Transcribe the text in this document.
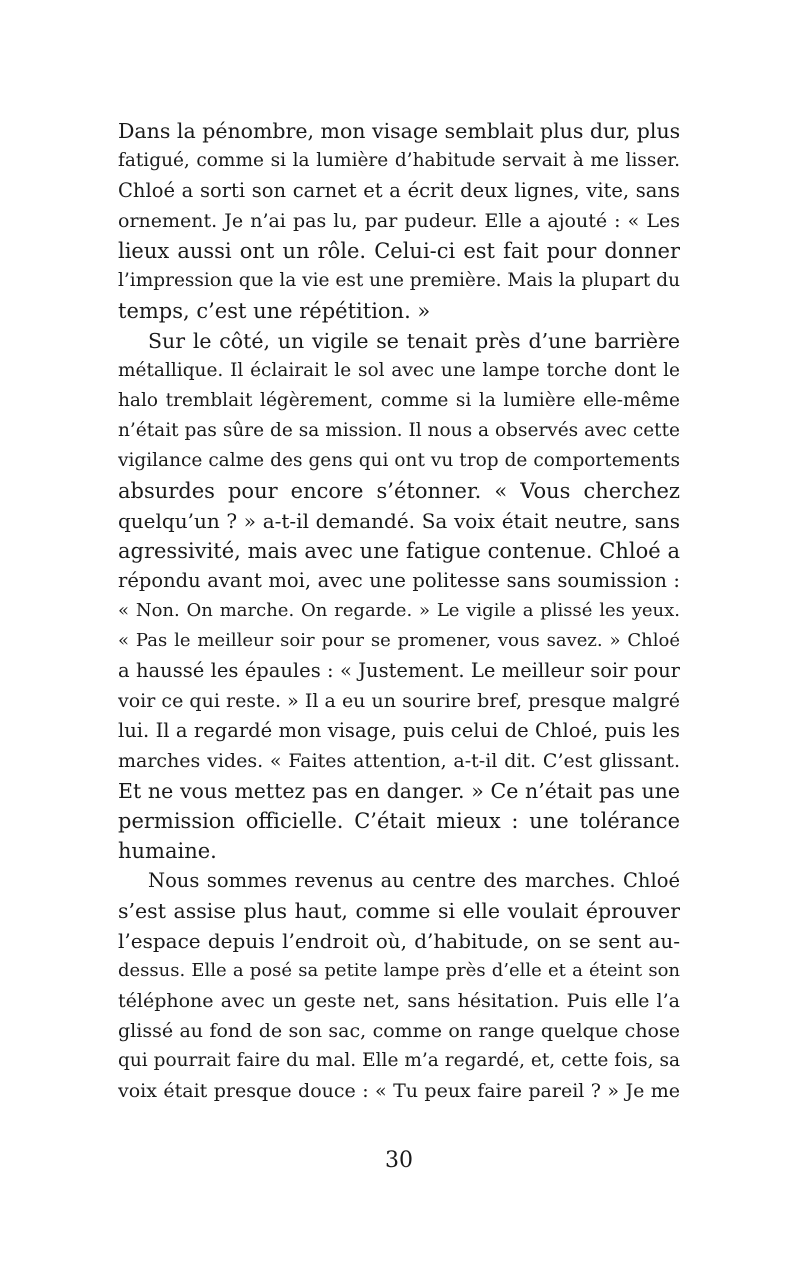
Dans la pénombre, mon visage semblait plus dur, plus
fatigué, comme si la lumière d’habitude servait à me lisser.
Chloé a sorti son carnet et a écrit deux lignes, vite, sans
ornement. Je n’ai pas lu, par pudeur. Elle a ajouté : « Les
lieux aussi ont un rôle. Celui-ci est fait pour donner
l’impression que la vie est une première. Mais la plupart du
temps, c’est une répétition. »

Sur le côté, un vigile se tenait près d’une barrière
métallique. Il éclairait le sol avec une lampe torche dont le
halo tremblait légèrement, comme si la lumière elle-même
n’était pas sûre de sa mission. Il nous a observés avec cette
vigilance calme des gens qui ont vu trop de comportements
absurdes pour encore s’étonner. « Vous cherchez
quelqu’un ? » a-t-il demandé. Sa voix était neutre, sans
agressivité, mais avec une fatigue contenue. Chloé a
répondu avant moi, avec une politesse sans soumission :
« Non. On marche. On regarde. » Le vigile a plissé les yeux.
« Pas le meilleur soir pour se promener, vous savez. » Chloé
a haussé les épaules : « Justement. Le meilleur soir pour
voir ce qui reste. » Il a eu un sourire bref, presque malgré
lui. Il a regardé mon visage, puis celui de Chloé, puis les
marches vides. « Faites attention, a-t-il dit. C’est glissant.
Et ne vous mettez pas en danger. » Ce n’était pas une
permission officielle. C’était mieux : une tolérance
humaine.

Nous sommes revenus au centre des marches. Chloé
s’est assise plus haut, comme si elle voulait éprouver
l’espace depuis l’endroit où, d’habitude, on se sent au-
dessus. Elle a posé sa petite lampe près d’elle et a éteint son
téléphone avec un geste net, sans hésitation. Puis elle l’a
glissé au fond de son sac, comme on range quelque chose
qui pourrait faire du mal. Elle m’a regardé, et, cette fois, sa
voix était presque douce : « Tu peux faire pareil ? » Je me

30
